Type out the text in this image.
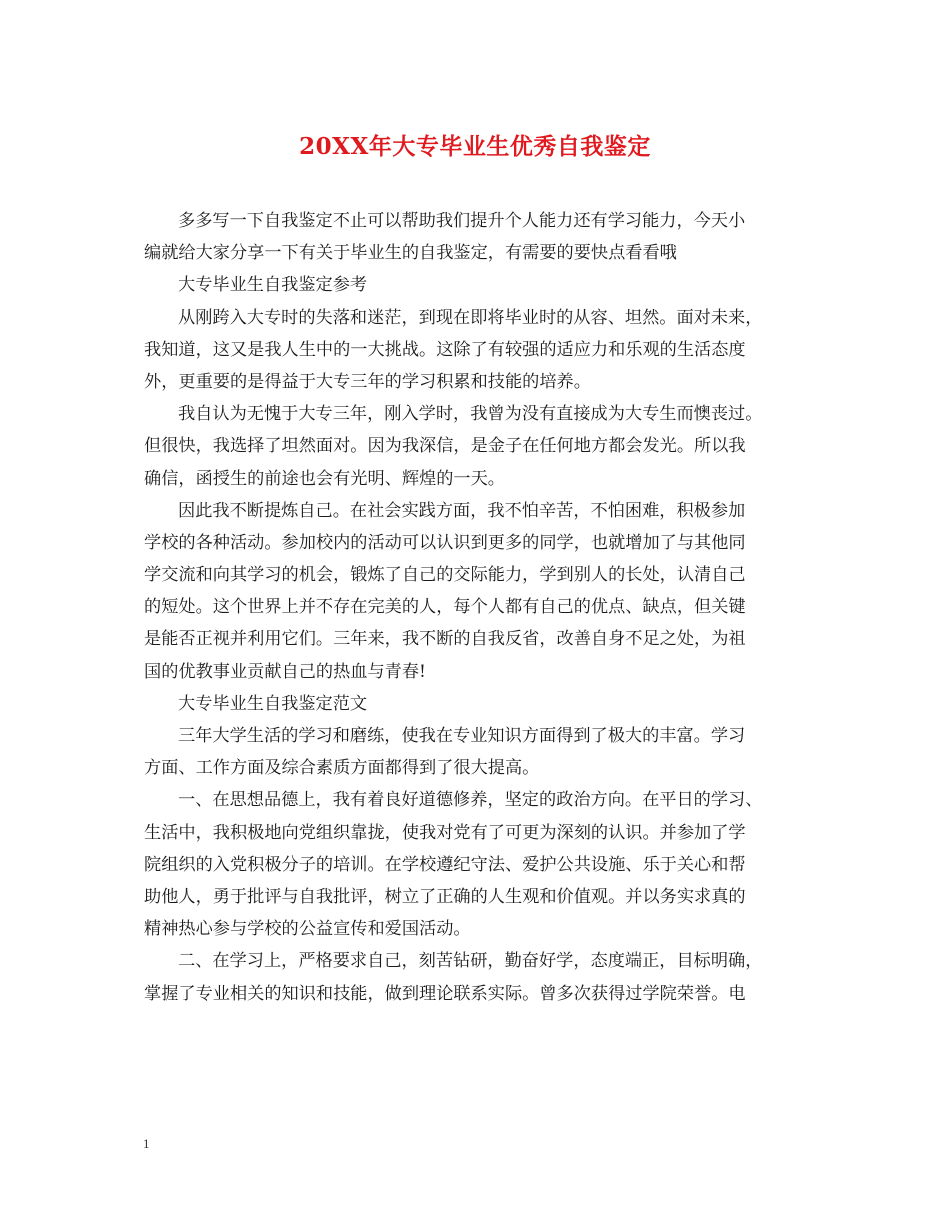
20XX年大专毕业生优秀自我鉴定
多多写一下自我鉴定不止可以帮助我们提升个人能力还有学习能力，今天小
编就给大家分享一下有关于毕业生的自我鉴定，有需要的要快点看看哦
大专毕业生自我鉴定参考
从刚跨入大专时的失落和迷茫，到现在即将毕业时的从容、坦然。面对未来，
我知道，这又是我人生中的一大挑战。这除了有较强的适应力和乐观的生活态度
外，更重要的是得益于大专三年的学习积累和技能的培养。
我自认为无愧于大专三年，刚入学时，我曾为没有直接成为大专生而懊丧过。
但很快，我选择了坦然面对。因为我深信，是金子在任何地方都会发光。所以我
确信，函授生的前途也会有光明、辉煌的一天。
因此我不断提炼自己。在社会实践方面，我不怕辛苦，不怕困难，积极参加
学校的各种活动。参加校内的活动可以认识到更多的同学，也就增加了与其他同
学交流和向其学习的机会，锻炼了自己的交际能力，学到别人的长处，认清自己
的短处。这个世界上并不存在完美的人，每个人都有自己的优点、缺点，但关键
是能否正视并利用它们。三年来，我不断的自我反省，改善自身不足之处，为祖
国的优教事业贡献自己的热血与青春!
大专毕业生自我鉴定范文
三年大学生活的学习和磨练，使我在专业知识方面得到了极大的丰富。学习
方面、工作方面及综合素质方面都得到了很大提高。
一、在思想品德上，我有着良好道德修养，坚定的政治方向。在平日的学习、
生活中，我积极地向党组织靠拢，使我对党有了可更为深刻的认识。并参加了学
院组织的入党积极分子的培训。在学校遵纪守法、爱护公共设施、乐于关心和帮
助他人，勇于批评与自我批评，树立了正确的人生观和价值观。并以务实求真的
精神热心参与学校的公益宣传和爱国活动。
二、在学习上，严格要求自己，刻苦钻研，勤奋好学，态度端正，目标明确，
掌握了专业相关的知识和技能，做到理论联系实际。曾多次获得过学院荣誉。电
1
